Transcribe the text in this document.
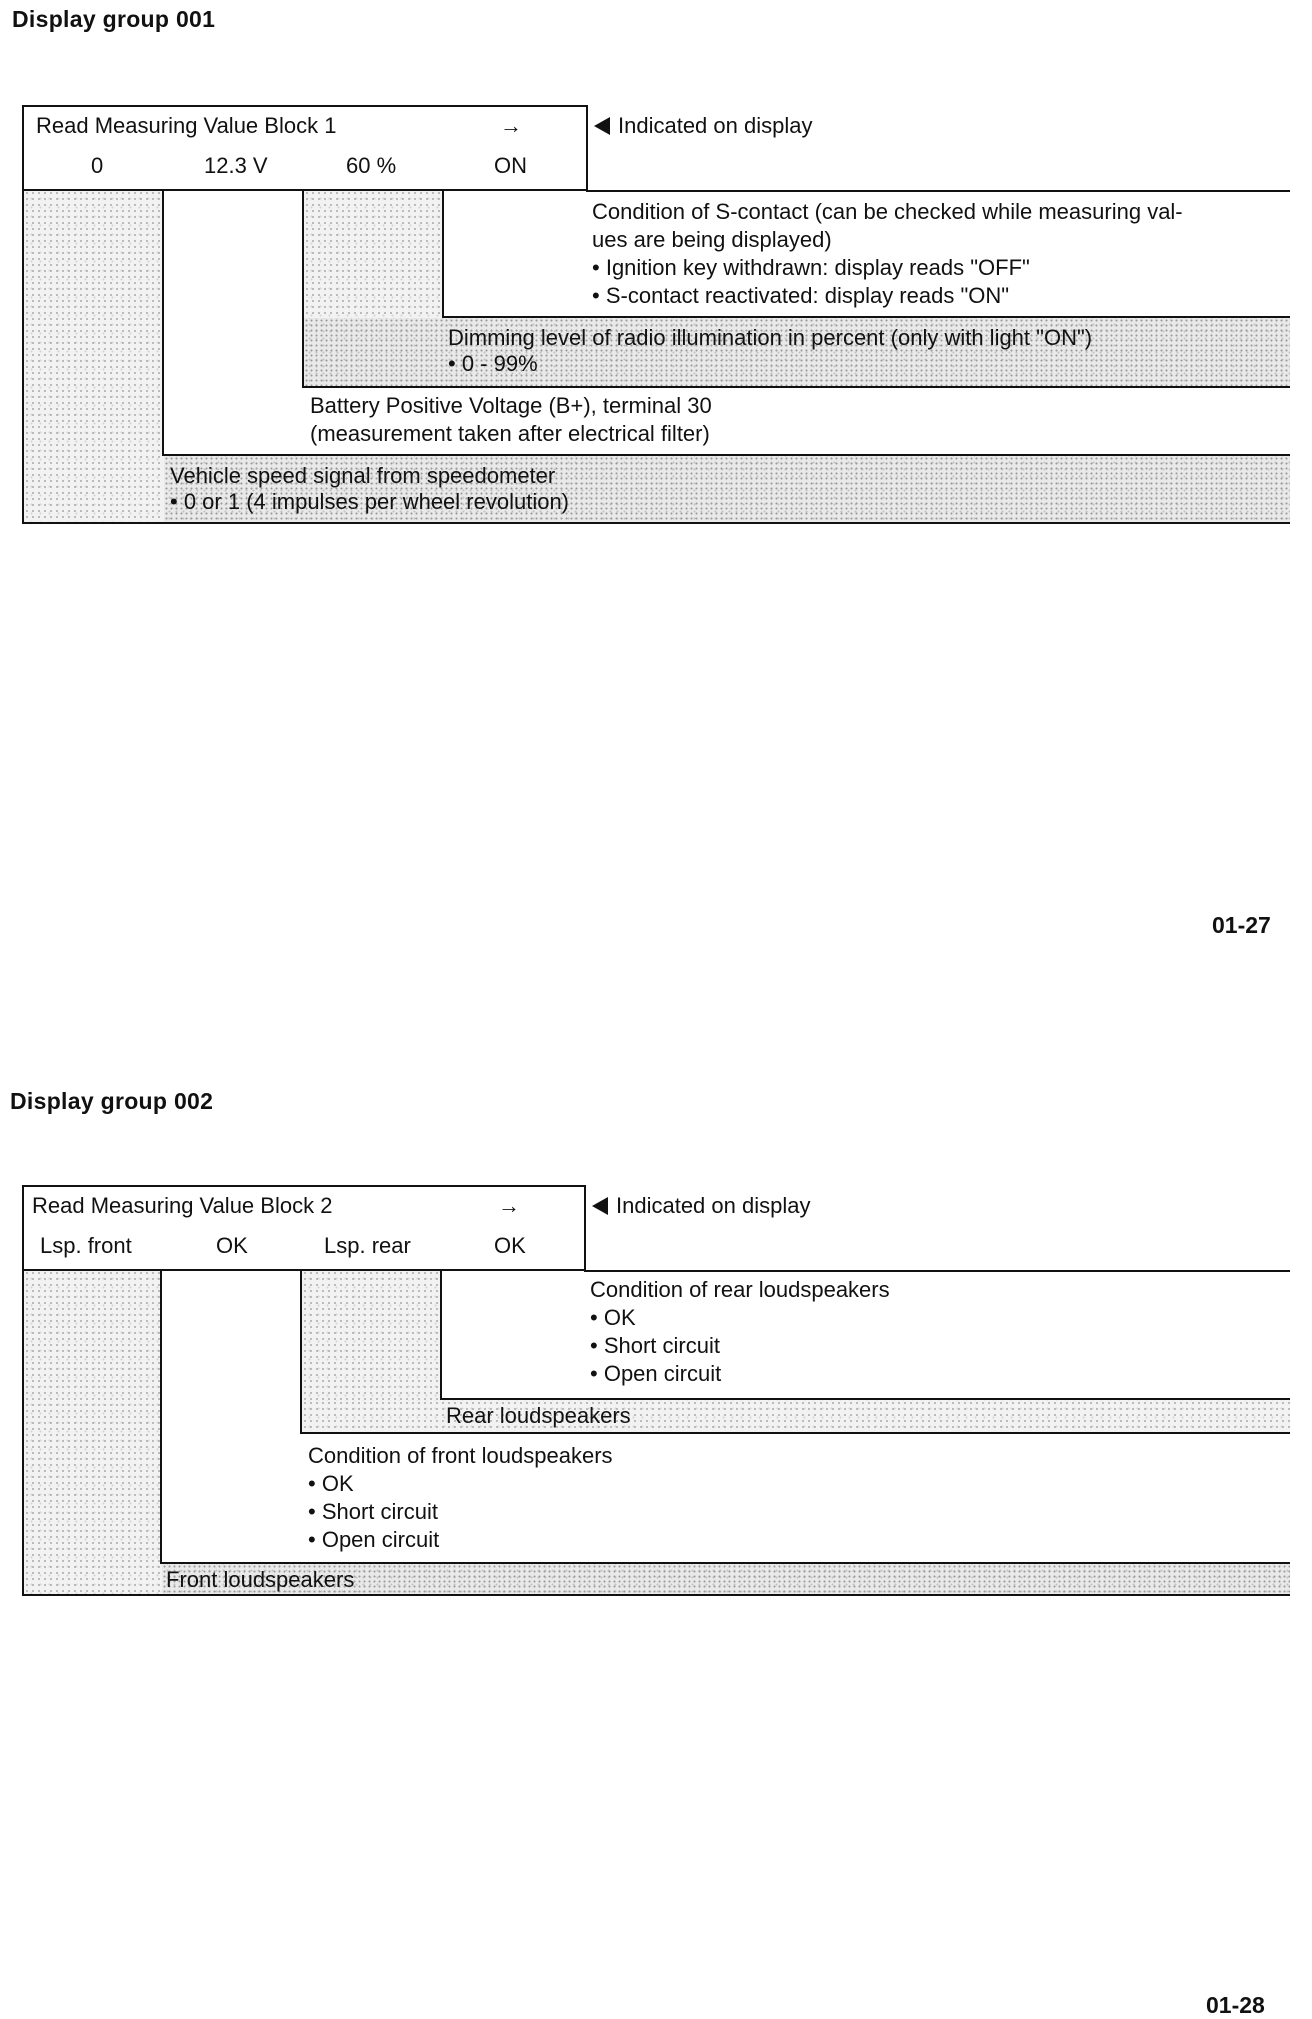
Display group 001
Read Measuring Value Block 1	→
0	12.3 V	60 %	ON
Indicated on display
Condition of S-contact (can be checked while measuring val-
ues are being displayed)
• Ignition key withdrawn: display reads "OFF"
• S-contact reactivated: display reads "ON"
Dimming level of radio illumination in percent (only with light "ON")
• 0 - 99%
Battery Positive Voltage (B+), terminal 30
(measurement taken after electrical filter)
Vehicle speed signal from speedometer
• 0 or 1 (4 impulses per wheel revolution)
01-27
Display group 002
Read Measuring Value Block 2	→
Lsp. front	OK	Lsp. rear	OK
Indicated on display
Condition of rear loudspeakers
• OK
• Short circuit
• Open circuit
Rear loudspeakers
Condition of front loudspeakers
• OK
• Short circuit
• Open circuit
Front loudspeakers
01-28
